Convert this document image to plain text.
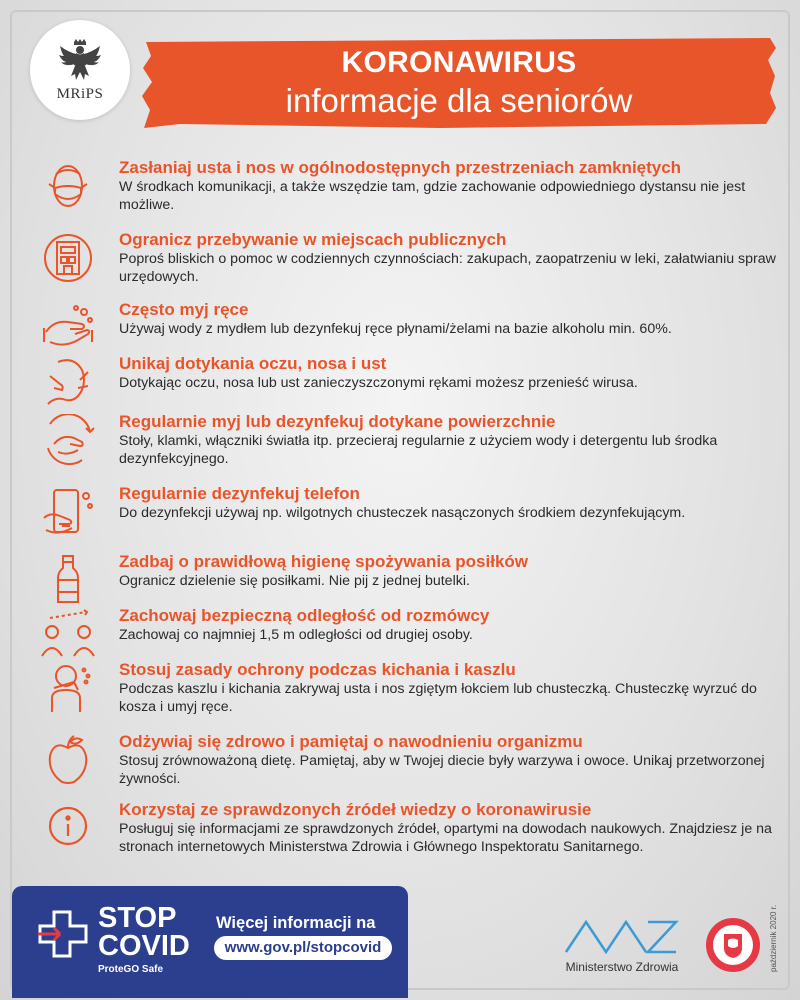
MRiPS
KORONAWIRUS
informacje dla seniorów
Zasłaniaj usta i nos w ogólnodostępnych przestrzeniach zamkniętych
W środkach komunikacji, a także wszędzie tam, gdzie zachowanie odpowiedniego dystansu nie jest możliwe.
Ogranicz przebywanie w miejscach publicznych
Poproś bliskich o pomoc w codziennych czynnościach: zakupach, zaopatrzeniu w leki, załatwianiu spraw urzędowych.
Często myj ręce
Używaj wody z mydłem lub dezynfekuj ręce płynami/żelami na bazie alkoholu min. 60%.
Unikaj dotykania oczu, nosa i ust
Dotykając oczu, nosa lub ust zanieczyszczonymi rękami możesz przenieść wirusa.
Regularnie myj lub dezynfekuj dotykane powierzchnie
Stoły, klamki, włączniki światła itp. przecieraj regularnie z użyciem wody i detergentu lub środka dezynfekcyjnego.
Regularnie dezynfekuj telefon
Do dezynfekcji używaj np. wilgotnych chusteczek nasączonych środkiem dezynfekującym.
Zadbaj o prawidłową higienę spożywania posiłków
Ogranicz dzielenie się posiłkami. Nie pij z jednej butelki.
Zachowaj bezpieczną odległość od rozmówcy
Zachowaj co najmniej 1,5 m odległości od drugiej osoby.
Stosuj zasady ochrony podczas kichania i kaszlu
Podczas kaszlu i kichania zakrywaj usta i nos zgiętym łokciem lub chusteczką. Chusteczkę wyrzuć do kosza i umyj ręce.
Odżywiaj się zdrowo i pamiętaj o nawodnieniu organizmu
Stosuj zrównoważoną dietę. Pamiętaj, aby w Twojej diecie były warzywa i owoce. Unikaj przetworzonej żywności.
Korzystaj ze sprawdzonych źródeł wiedzy o koronawirusie
Posługuj się informacjami ze sprawdzonych źródeł, opartymi na dowodach naukowych. Znajdziesz je na stronach internetowych Ministerstwa Zdrowia i Głównego Inspektoratu Sanitarnego.
STOP
COVID
ProteGO Safe
Więcej informacji na
www.gov.pl/stopcovid
Ministerstwo Zdrowia	październik 2020 r.
